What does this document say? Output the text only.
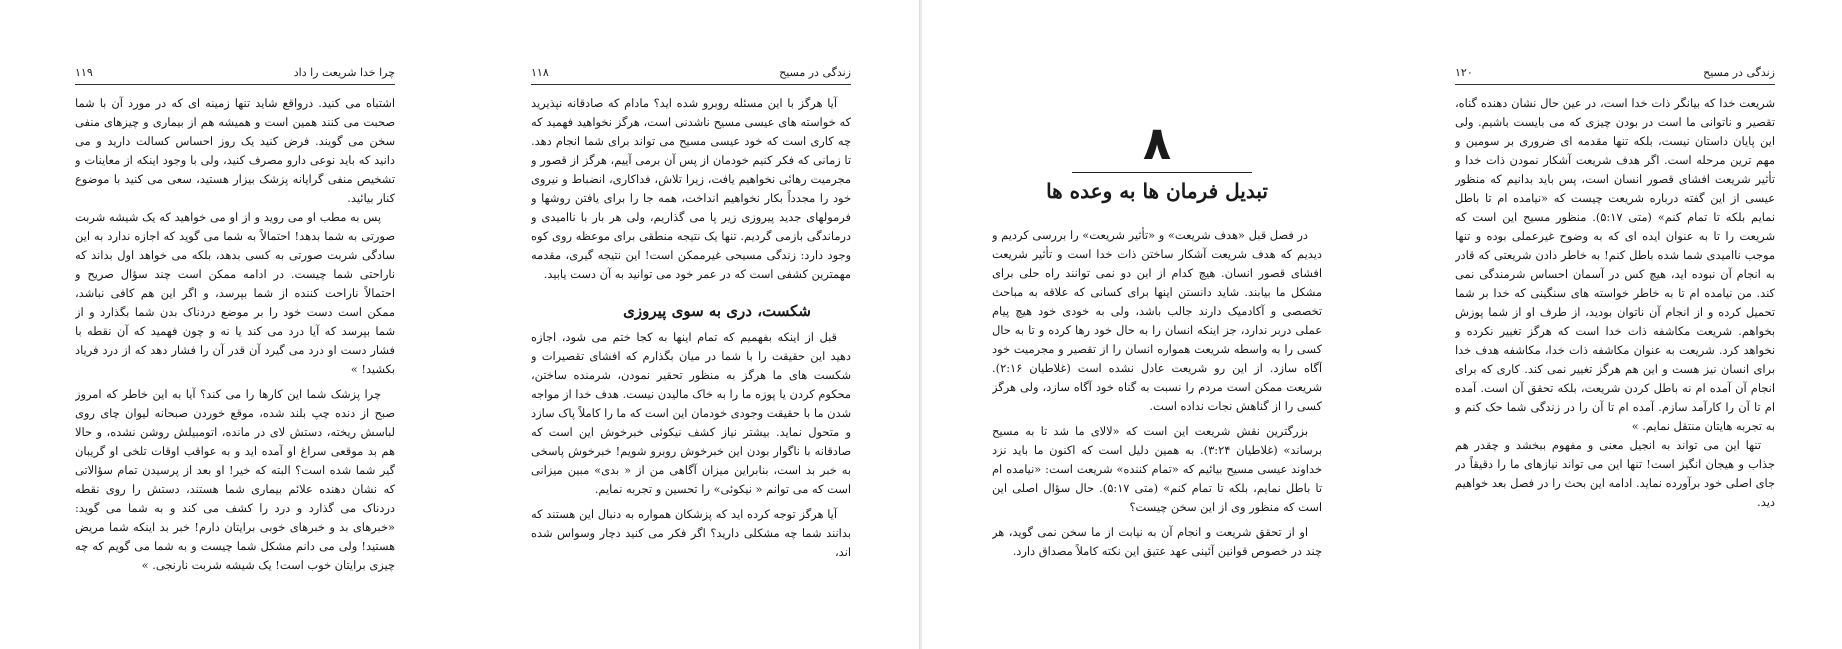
۱۱۹	چرا خدا شریعت را داد

اشتباه می کنید. درواقع شاید تنها زمینه ای که در مورد آن با شما صحبت می کنند همین است و همیشه هم از بیماری و چیزهای منفی سخن می گویند. فرض کنید یک روز احساس کسالت دارید و می دانید که باید نوعی دارو مصرف کنید، ولی با وجود اینکه از معاینات و تشخیص منفی گرایانه پزشک بیزار هستید، سعی می کنید با موضوع کنار بیائید.

پس به مطب او می روید و از او می خواهید که یک شیشه شربت صورتی به شما بدهد! احتمالاً به شما می گوید که اجازه ندارد به این سادگی شربت صورتی به کسی بدهد، بلکه می خواهد اول بداند که ناراحتی شما چیست. در ادامه ممکن است چند سؤال صریح و احتمالاً ناراحت کننده از شما بپرسد، و اگر این هم کافی نباشد، ممکن است دست خود را بر موضع دردناک بدن شما بگذارد و از شما بپرسد که آیا درد می کند یا نه و چون فهمید که آن نقطه با فشار دست او درد می گیرد آن قدر آن را فشار دهد که از درد فریاد بکشید! »

چرا پزشک شما این کارها را می کند؟ آیا به این خاطر که امروز صبح از دنده چپ بلند شده، موقع خوردن صبحانه لیوان چای روی لباسش ریخته، دستش لای در مانده، اتومبیلش روشن نشده، و حالا هم بد موقعی سراغ او آمده اید و به عواقب اوقات تلخی او گریبان گیر شما شده است؟ البته که خیر! او بعد از پرسیدن تمام سؤالاتی که نشان دهنده علائم بیماری شما هستند، دستش را روی نقطه دردناک می گذارد و درد را کشف می کند و به شما می گوید: «خبرهای بد و خبرهای خوبی برایتان دارم! خبر بد اینکه شما مریض هستید! ولی می دانم مشکل شما چیست و به شما می گویم که چه چیزی برایتان خوب است! یک شیشه شربت نارنجی. »

۱۱۸	زندگی در مسیح

آیا هرگز با این مسئله روبرو شده اید؟ مادام که صادقانه نپذیرید که خواسته های عیسی مسیح ناشدنی است، هرگز نخواهید فهمید که چه کاری است که خود عیسی مسیح می تواند برای شما انجام دهد. تا زمانی که فکر کنیم خودمان از پس آن برمی آییم، هرگز از قصور و مجرمیت رهائی نخواهیم یافت، زیرا تلاش، فداکاری، انضباط و نیروی خود را مجدداً بکار نخواهیم انداخت، همه جا را برای یافتن روشها و فرمولهای جدید پیروزی زیر پا می گذاریم، ولی هر بار با ناامیدی و درماندگی بازمی گردیم. تنها یک نتیجه منطقی برای موعظه روی کوه وجود دارد: زندگی مسیحی غیرممکن است! این نتیجه گیری، مقدمه مهمترین کشفی است که در عمر خود می توانید به آن دست یابید.

شکست، دری به سوی پیروزی

قبل از اینکه بفهمیم که تمام اینها به کجا ختم می شود، اجازه دهید این حقیقت را با شما در میان بگذارم که افشای تقصیرات و شکست های ما هرگز به منظور تحقیر نمودن، شرمنده ساختن، محکوم کردن یا پوزه ما را به خاک مالیدن نیست. هدف خدا از مواجه شدن ما با حقیقت وجودی خودمان این است که ما را کاملاً پاک سازد و متحول نماید. بیشتر نیاز کشف نیکوئی خبرخوش این است که صادقانه با ناگوار بودن این خبرخوش روبرو شویم! خبرخوش پاسخی به خبر بد است، بنابراین میزان آگاهی من از « بدی» مبین میزانی است که می توانم « نیکوئی» را تحسین و تجربه نمایم.

آیا هرگز توجه کرده اید که پزشکان همواره به دنبال این هستند که بدانند شما چه مشکلی دارید؟ اگر فکر می کنید دچار وسواس شده اند،

۸
تبدیل فرمان ها به وعده ها

در فصل قبل «هدف شریعت» و «تأثیر شریعت» را بررسی کردیم و دیدیم که هدف شریعت آشکار ساختن ذات خدا است و تأثیر شریعت افشای قصور انسان. هیچ کدام از این دو نمی توانند راه حلی برای مشکل ما بیابند. شاید دانستن اینها برای کسانی که علاقه به مباحث تخصصی و آکادمیک دارند جالب باشد، ولی به خودی خود هیچ پیام عملی دربر ندارد، جز اینکه انسان را به حال خود رها کرده و تا به حال کسی را به واسطه شریعت همواره انسان را از تقصیر و مجرمیت خود آگاه سازد. از این رو شریعت عادل نشده است (غلاطیان ۲:۱۶). شریعت ممکن است مردم را نسبت به گناه خود آگاه سازد، ولی هرگز کسی را از گناهش نجات نداده است.

بزرگترین نقش شریعت این است که «لالای ما شد تا به مسیح برساند» (غلاطیان ۳:۲۴). به همین دلیل است که اکنون ما باید نزد خداوند عیسی مسیح بیائیم که «تمام کننده» شریعت است: «نیامده ام تا باطل نمایم، بلکه تا تمام کنم» (متی ۵:۱۷). حال سؤال اصلی این است که منظور وی از این سخن چیست؟

او از تحقق شریعت و انجام آن به نیابت از ما سخن نمی گوید، هر چند در خصوص قوانین آئینی عهد عتیق این نکته کاملاً مصداق دارد.

۱۲۰	زندگی در مسیح

شریعت خدا که بیانگر ذات خدا است، در عین حال نشان دهنده گناه، تقصیر و ناتوانی ما است در بودن چیزی که می بایست باشیم. ولی این پایان داستان نیست، بلکه تنها مقدمه ای ضروری بر سومین و مهم ترین مرحله است. اگر هدف شریعت آشکار نمودن ذات خدا و تأثیر شریعت افشای قصور انسان است، پس باید بدانیم که منظور عیسی از این گفته درباره شریعت چیست که «نیامده ام تا باطل نمایم بلکه تا تمام کنم» (متی ۵:۱۷). منظور مسیح این است که شریعت را تا به عنوان ایده ای که به وضوح غیرعملی بوده و تنها موجب ناامیدی شما شده باطل کنم! به خاطر دادن شریعتی که قادر به انجام آن نبوده اید، هیچ کس در آسمان احساس شرمندگی نمی کند. من نیامده ام تا به خاطر خواسته های سنگینی که خدا بر شما تحمیل کرده و از انجام آن ناتوان بودید، از طرف او از شما پوزش بخواهم. شریعت مکاشفه ذات خدا است که هرگز تغییر نکرده و نخواهد کرد. شریعت به عنوان مکاشفه ذات خدا، مکاشفه هدف خدا برای انسان نیز هست و این هم هرگز تغییر نمی کند. کاری که برای انجام آن آمده ام نه باطل کردن شریعت، بلکه تحقق آن است. آمده ام تا آن را کارآمد سازم. آمده ام تا آن را در زندگی شما حک کنم و به تجربه هایتان منتقل نمایم. »

تنها این می تواند به انجیل معنی و مفهوم ببخشد و چقدر هم جذاب و هیجان انگیز است! تنها این می تواند نیازهای ما را دقیقاً در جای اصلی خود برآورده نماید. ادامه این بحث را در فصل بعد خواهیم دید.
